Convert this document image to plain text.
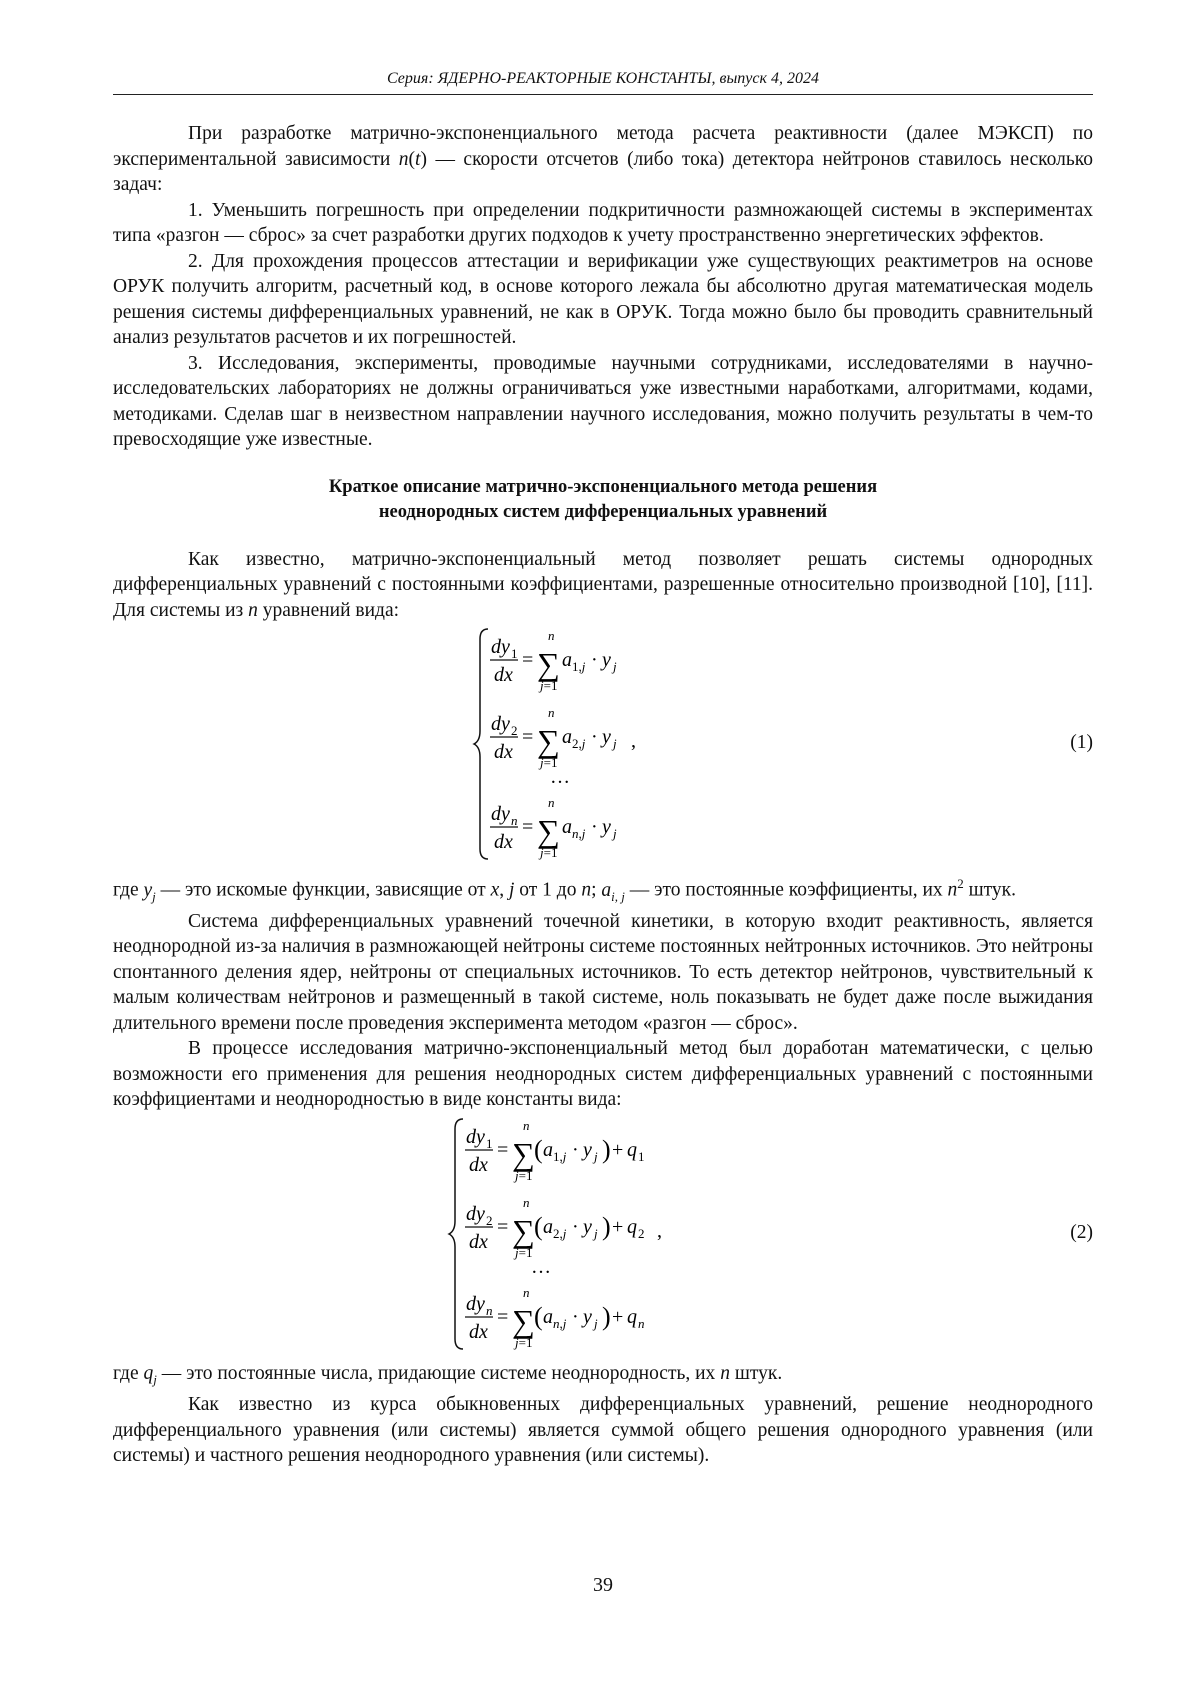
Серия: ЯДЕРНО-РЕАКТОРНЫЕ КОНСТАНТЫ, выпуск 4, 2024

При разработке матрично-экспоненциального метода расчета реактивности (далее МЭКСП) по экспериментальной зависимости n(t) — скорости отсчетов (либо тока) детектора нейтронов ставилось несколько задач:

1. Уменьшить погрешность при определении подкритичности размножающей системы в экспериментах типа «разгон — сброс» за счет разработки других подходов к учету пространственно энергетических эффектов.

2. Для прохождения процессов аттестации и верификации уже существующих реактиметров на основе ОРУК получить алгоритм, расчетный код, в основе которого лежала бы абсолютно другая математическая модель решения системы дифференциальных уравнений, не как в ОРУК. Тогда можно было бы проводить сравнительный анализ результатов расчетов и их погрешностей.

3. Исследования, эксперименты, проводимые научными сотрудниками, исследователями в научно-исследовательских лабораториях не должны ограничиваться уже известными наработками, алгоритмами, кодами, методиками. Сделав шаг в неизвестном направлении научного исследования, можно получить результаты в чем-то превосходящие уже известные.

Краткое описание матрично-экспоненциального метода решения
неоднородных систем дифференциальных уравнений

Как известно, матрично-экспоненциальный метод позволяет решать системы однородных дифференциальных уравнений с постоянными коэффициентами, разрешенные относительно производной [10], [11]. Для системы из n уравнений вида:

dy 1
dx
= ∑
n
j=1
a 1,j · y j
dy 2
dx
= ∑
n
j=1
a 2,j · y j ,
…
dy n
dx
= ∑
n
j=1
a n,j · y j
(1)

где $y_j$ — это искомые функции, зависящие от x, j от 1 до n; $a_{i, j}$ — это постоянные коэффициенты, их $n^2$ штук.

Система дифференциальных уравнений точечной кинетики, в которую входит реактивность, является неоднородной из-за наличия в размножающей нейтроны системе постоянных нейтронных источников. Это нейтроны спонтанного деления ядер, нейтроны от специальных источников. То есть детектор нейтронов, чувствительный к малым количествам нейтронов и размещенный в такой системе, ноль показывать не будет даже после выжидания длительного времени после проведения эксперимента методом «разгон — сброс».

В процессе исследования матрично-экспоненциальный метод был доработан математически, с целью возможности его применения для решения неоднородных систем дифференциальных уравнений с постоянными коэффициентами и неоднородностью в виде константы вида:

dy 1
dx
= ∑
n
j=1
( a 1,j · y j ) + q 1
dy 2
dx
= ∑
n
j=1
( a 2,j · y j ) + q 2 ,
…
dy n
dx
= ∑
n
j=1
( a n,j · y j ) + q n
(2)

где $q_j$ — это постоянные числа, придающие системе неоднородность, их n штук.

Как известно из курса обыкновенных дифференциальных уравнений, решение неоднородного дифференциального уравнения (или системы) является суммой общего решения однородного уравнения (или системы) и частного решения неоднородного уравнения (или системы).

39
